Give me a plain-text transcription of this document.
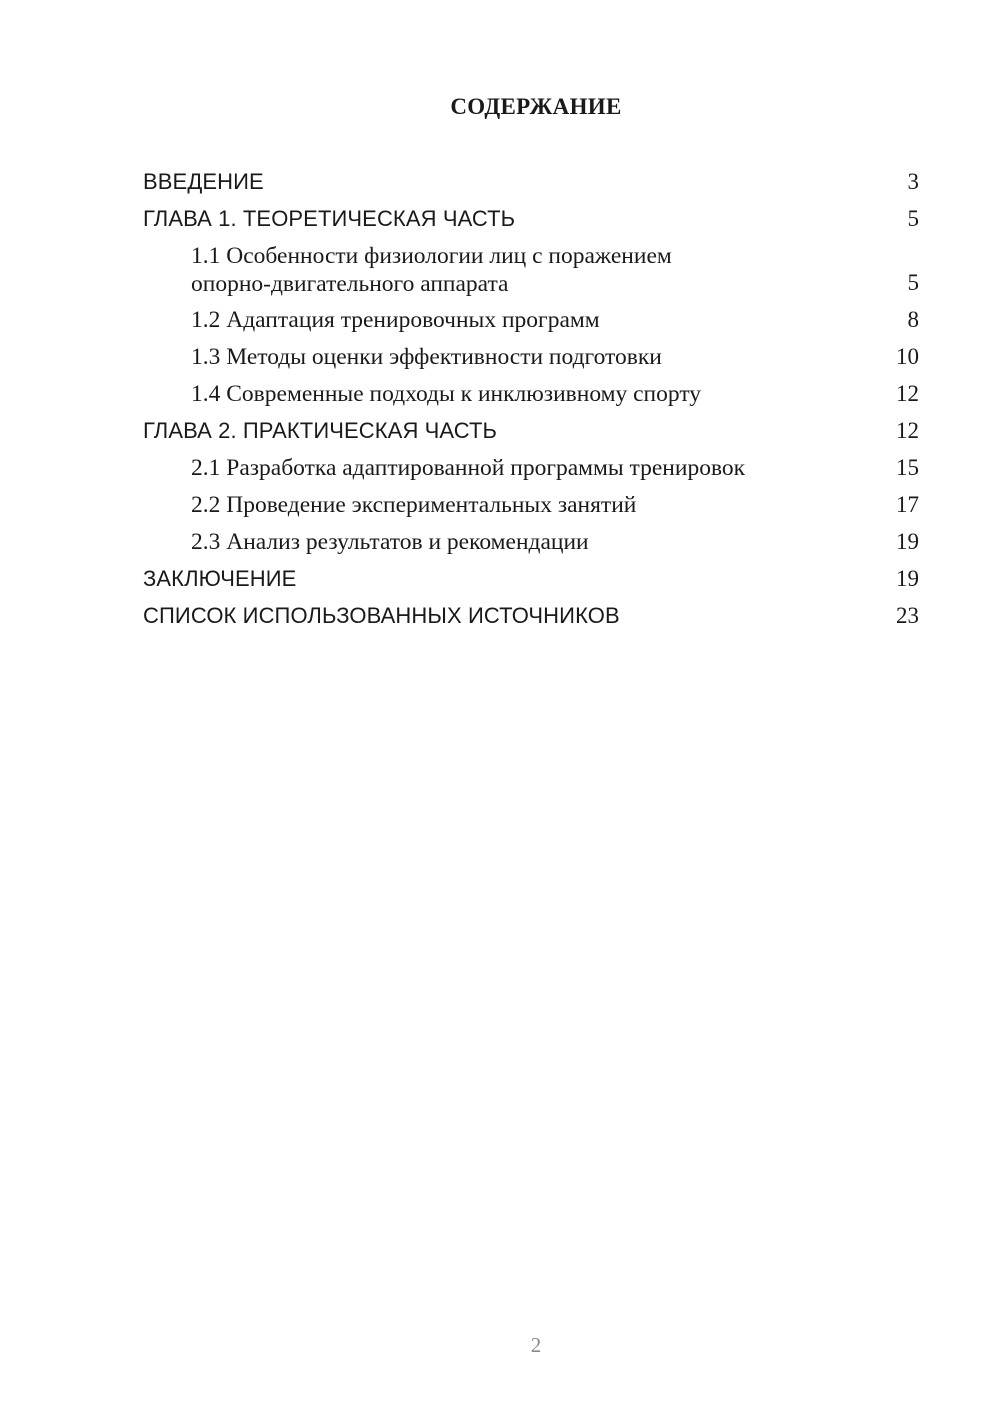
СОДЕРЖАНИЕ
ВВЕДЕНИЕ	3
ГЛАВА 1. ТЕОРЕТИЧЕСКАЯ ЧАСТЬ	5
1.1 Особенности физиологии лиц с поражением
опорно-двигательного аппарата	5
1.2 Адаптация тренировочных программ	8
1.3 Методы оценки эффективности подготовки	10
1.4 Современные подходы к инклюзивному спорту	12
ГЛАВА 2. ПРАКТИЧЕСКАЯ ЧАСТЬ	12
2.1 Разработка адаптированной программы тренировок	15
2.2 Проведение экспериментальных занятий	17
2.3 Анализ результатов и рекомендации	19
ЗАКЛЮЧЕНИЕ	19
СПИСОК ИСПОЛЬЗОВАННЫХ ИСТОЧНИКОВ	23
2
